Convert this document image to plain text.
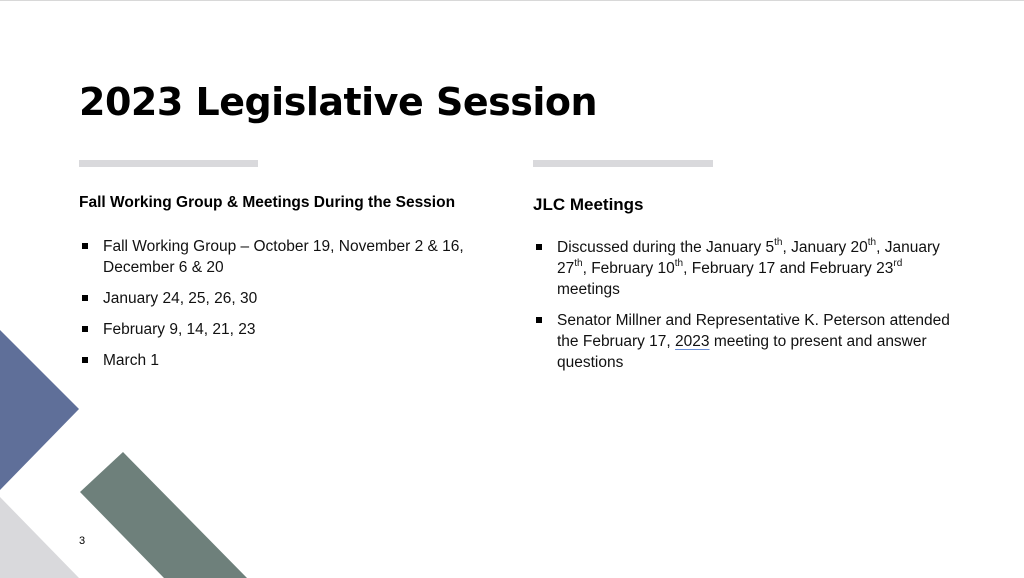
2023 Legislative Session
Fall Working Group & Meetings During the Session	JLC Meetings
Fall Working Group – October 19, November 2 & 16, December 6 & 20
January 24, 25, 26, 30
February 9, 14, 21, 23
March 1
Discussed during the January 5th, January 20th, January 27th, February 10th, February 17 and February 23rd meetings
Senator Millner and Representative K. Peterson attended the February 17, 2023 meeting to present and answer questions
3
